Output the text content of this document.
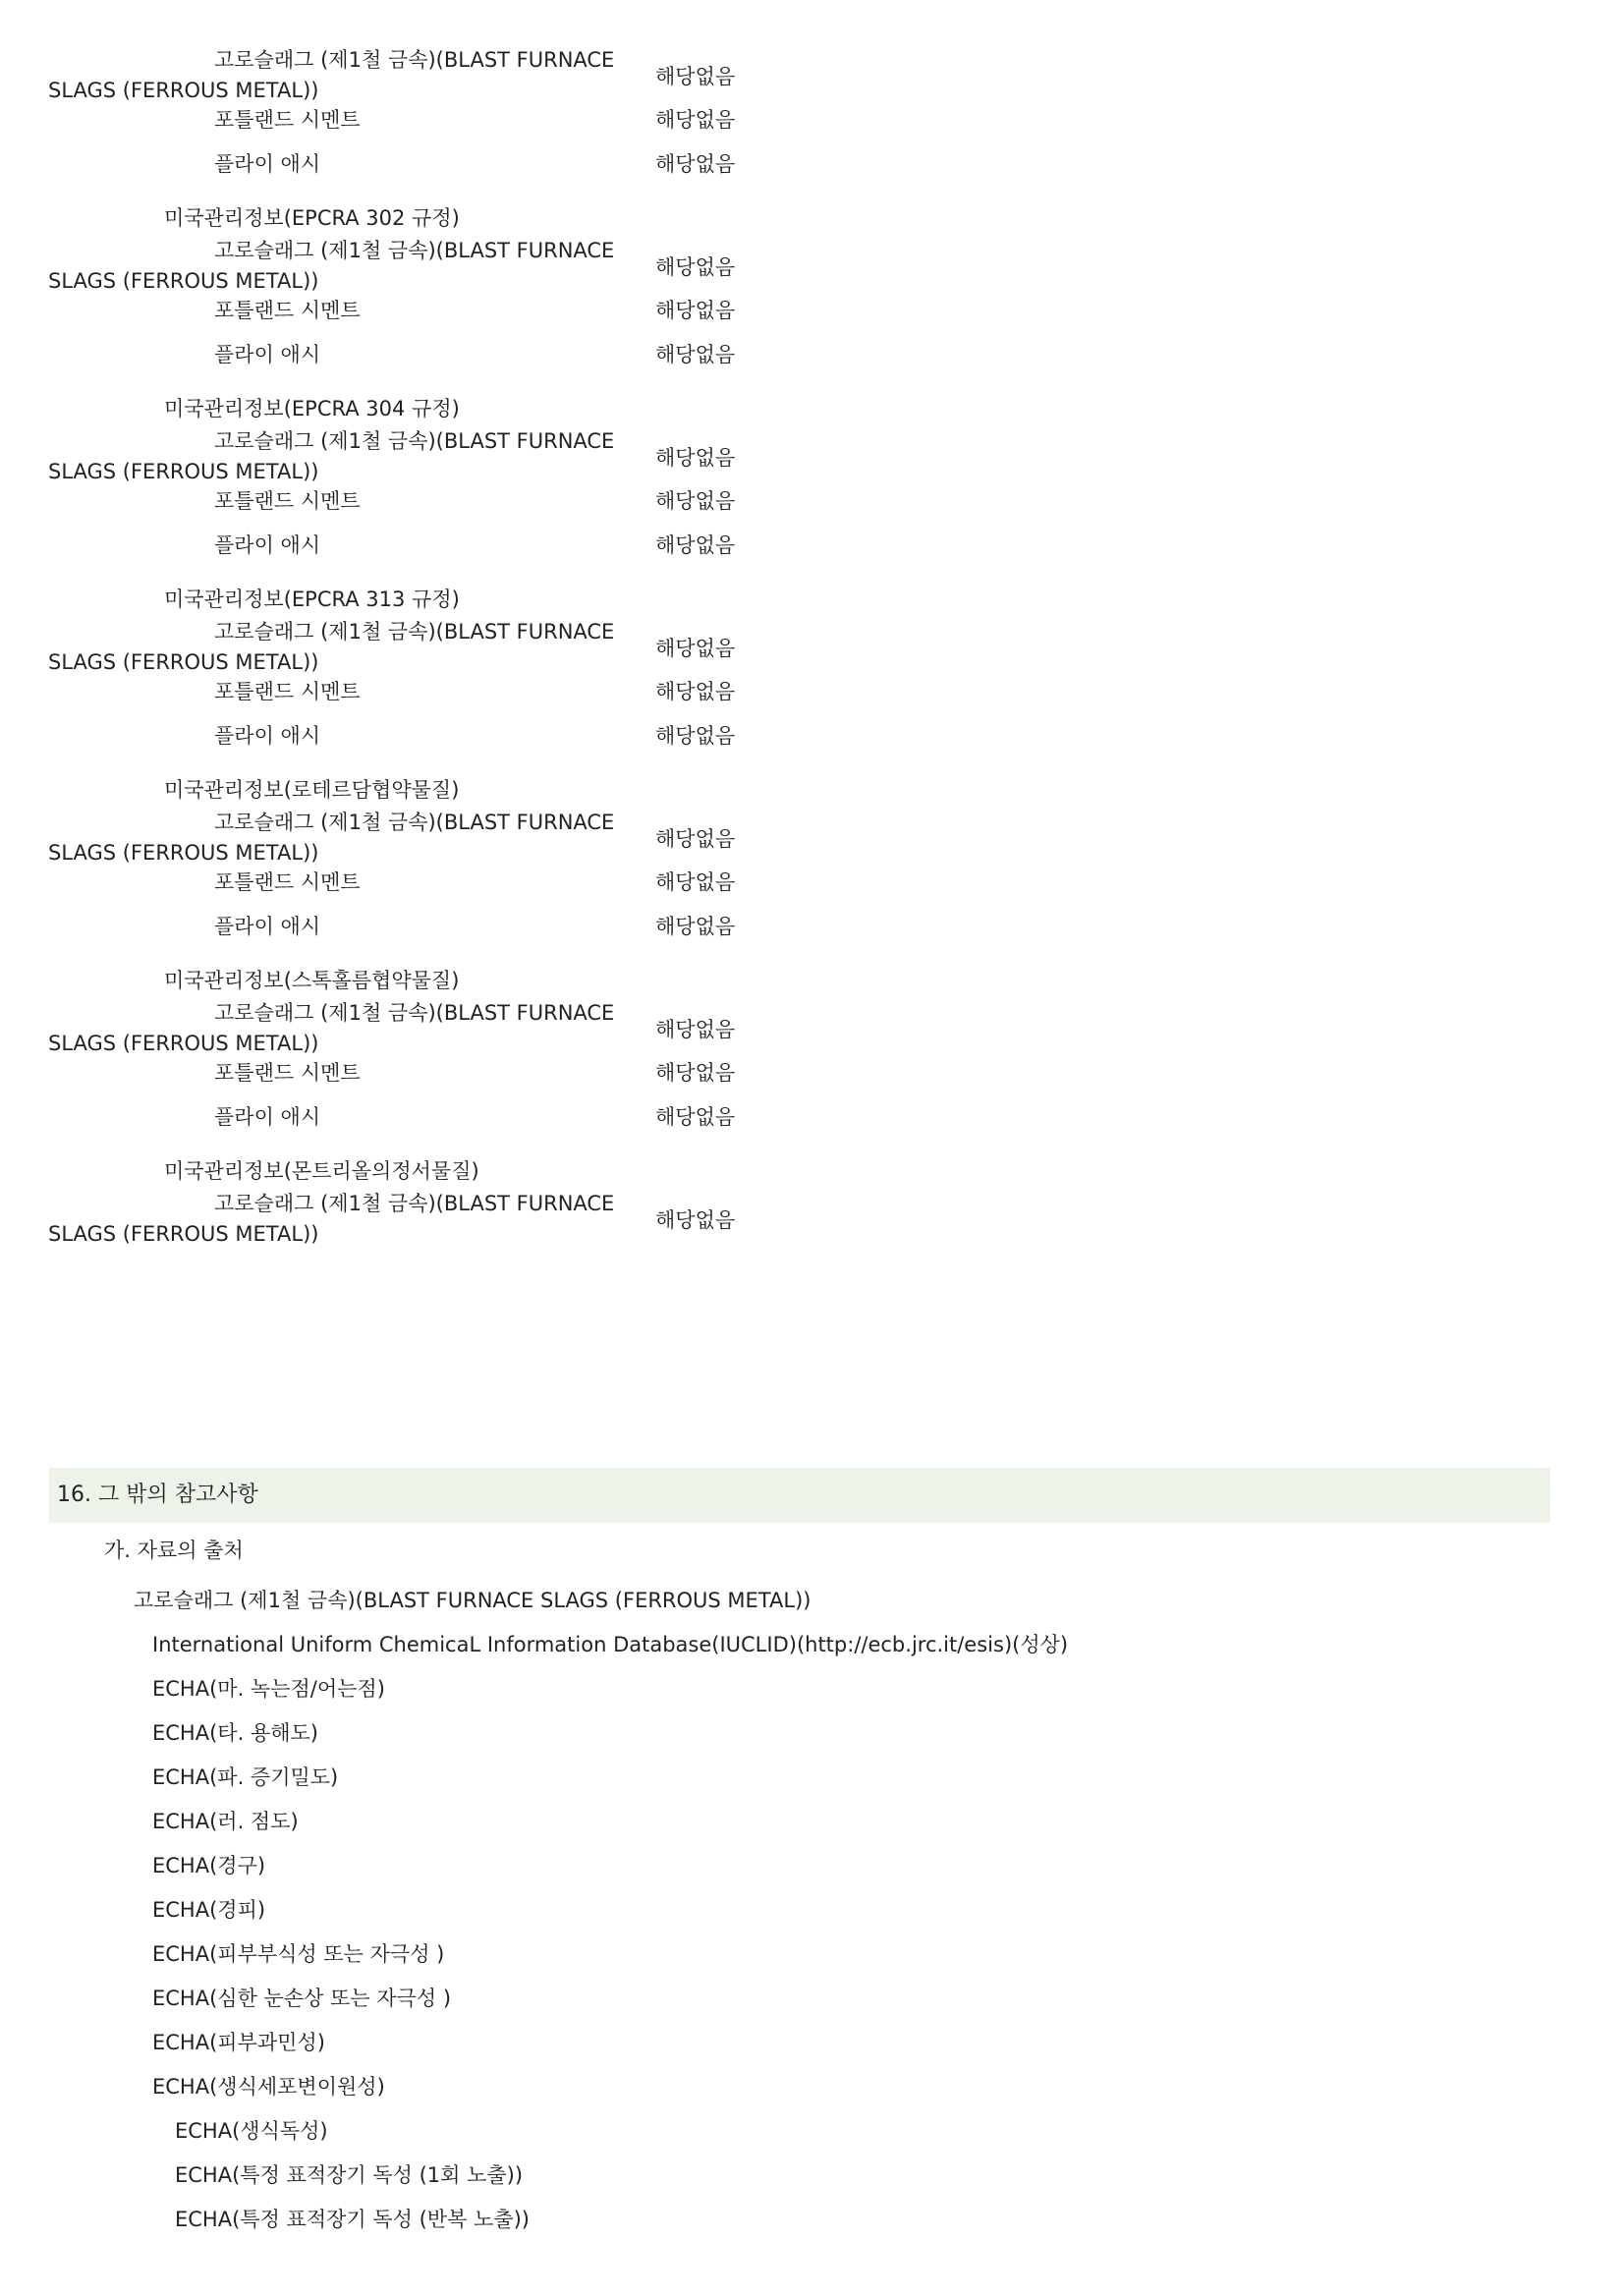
고로슬래그 (제1철 금속)(BLAST FURNACE
SLAGS (FERROUS METAL))
해당없음
포틀랜드 시멘트	해당없음
플라이 애시	해당없음
미국관리정보(EPCRA 302 규정)
고로슬래그 (제1철 금속)(BLAST FURNACE
SLAGS (FERROUS METAL))
해당없음
포틀랜드 시멘트	해당없음
플라이 애시	해당없음
미국관리정보(EPCRA 304 규정)
고로슬래그 (제1철 금속)(BLAST FURNACE
SLAGS (FERROUS METAL))
해당없음
포틀랜드 시멘트	해당없음
플라이 애시	해당없음
미국관리정보(EPCRA 313 규정)
고로슬래그 (제1철 금속)(BLAST FURNACE
SLAGS (FERROUS METAL))
해당없음
포틀랜드 시멘트	해당없음
플라이 애시	해당없음
미국관리정보(로테르담협약물질)
고로슬래그 (제1철 금속)(BLAST FURNACE
SLAGS (FERROUS METAL))
해당없음
포틀랜드 시멘트	해당없음
플라이 애시	해당없음
미국관리정보(스톡홀름협약물질)
고로슬래그 (제1철 금속)(BLAST FURNACE
SLAGS (FERROUS METAL))
해당없음
포틀랜드 시멘트	해당없음
플라이 애시	해당없음
미국관리정보(몬트리올의정서물질)
고로슬래그 (제1철 금속)(BLAST FURNACE
SLAGS (FERROUS METAL))
해당없음
16. 그 밖의 참고사항
가. 자료의 출처
고로슬래그 (제1철 금속)(BLAST FURNACE SLAGS (FERROUS METAL))
International Uniform ChemicaL Information Database(IUCLID)(http://ecb.jrc.it/esis)(성상)
ECHA(마. 녹는점/어는점)
ECHA(타. 용해도)
ECHA(파. 증기밀도)
ECHA(러. 점도)
ECHA(경구)
ECHA(경피)
ECHA(피부부식성 또는 자극성 )
ECHA(심한 눈손상 또는 자극성 )
ECHA(피부과민성)
ECHA(생식세포변이원성)
ECHA(생식독성)
ECHA(특정 표적장기 독성 (1회 노출))
ECHA(특정 표적장기 독성 (반복 노출))
